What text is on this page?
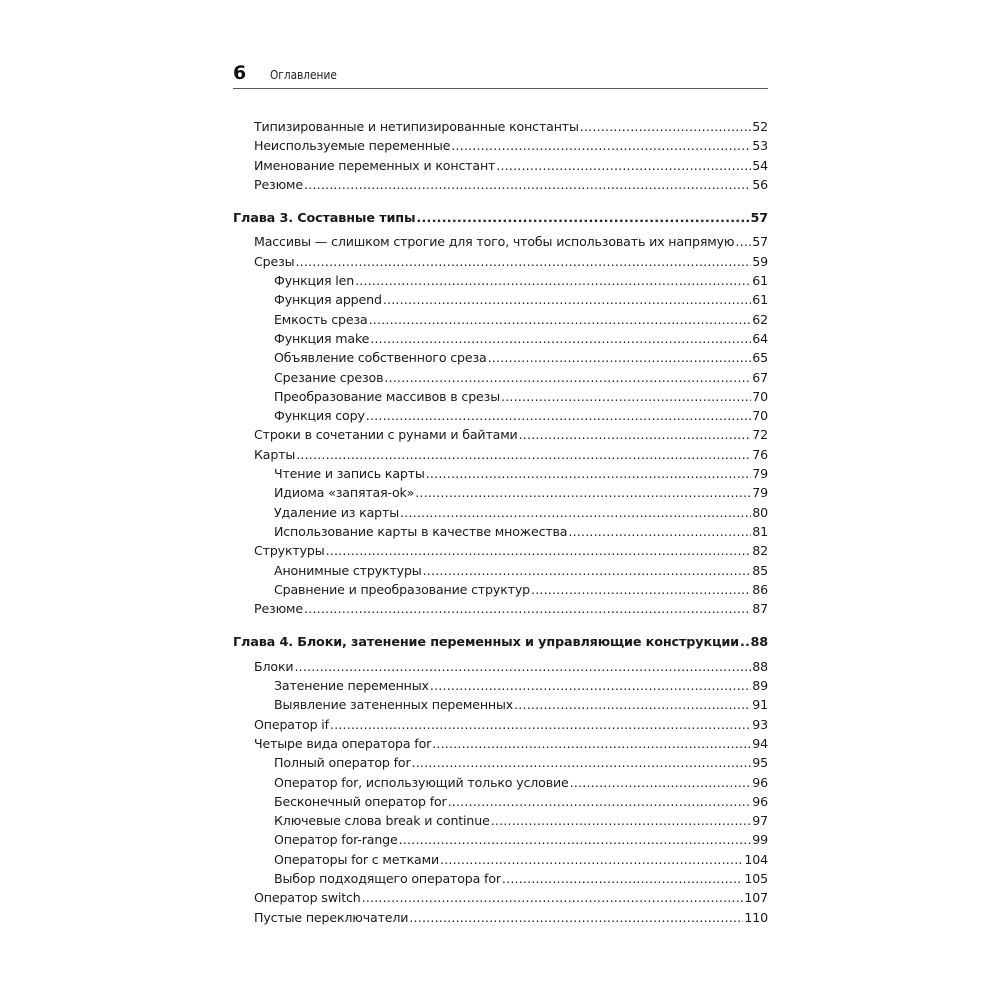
6 Оглавление
Типизированные и нетипизированные константы .....	52
Неиспользуемые переменные .....	53
Именование переменных и констант .....	54
Резюме .....	56
Глава 3. Составные типы .....	57
Массивы — слишком строгие для того, чтобы использовать их напрямую ..... 57
Срезы .....	59
Функция len .....	61
Функция append .....	61
Емкость среза .....	62
Функция make .....	64
Объявление собственного среза .....	65
Срезание срезов .....	67
Преобразование массивов в срезы .....	70
Функция copy .....	70
Строки в сочетании с рунами и байтами .....	72
Карты .....	76
Чтение и запись карты .....	79
Идиома «запятая-ok» .....	79
Удаление из карты .....	80
Использование карты в качестве множества .....	81
Структуры .....	82
Анонимные структуры .....	85
Сравнение и преобразование структур .....	86
Резюме .....	87
Глава 4. Блоки, затенение переменных и управляющие конструкции ..... 88
Блоки .....	88
Затенение переменных .....	89
Выявление затененных переменных .....	91
Оператор if .....	93
Четыре вида оператора for .....	94
Полный оператор for .....	95
Оператор for, использующий только условие .....	96
Бесконечный оператор for .....	96
Ключевые слова break и continue .....	97
Оператор for-range .....	99
Операторы for с метками .....	104
Выбор подходящего оператора for .....	105
Оператор switch .....	107
Пустые переключатели .....	110
